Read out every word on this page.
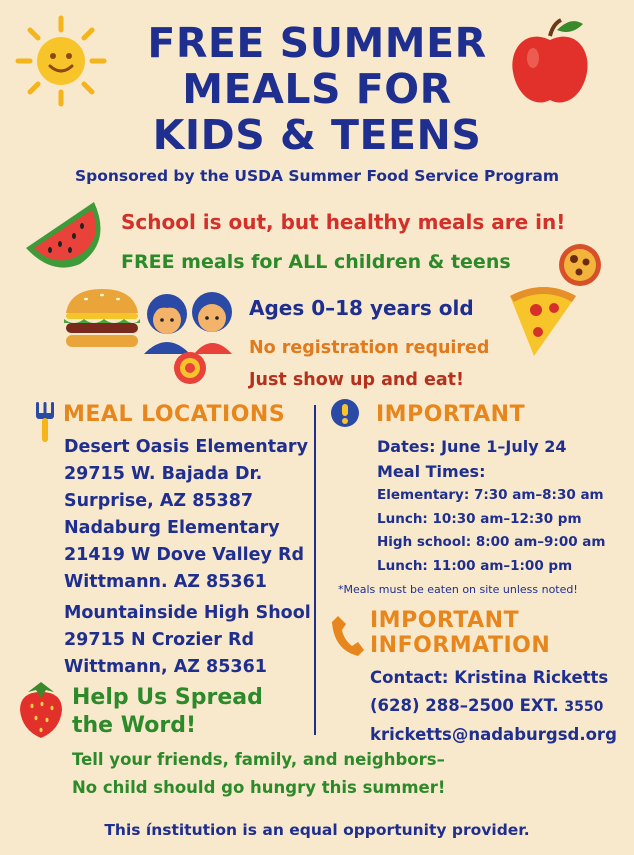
FREE SUMMER
MEALS FOR
KIDS & TEENS
Sponsored by the USDA Summer Food Service Program
School is out, but healthy meals are in!
FREE meals for ALL children & teens
Ages 0–18 years old
No registration required
Just show up and eat!
MEAL LOCATIONS
Desert Oasis Elementary
29715 W. Bajada Dr.
Surprise, AZ 85387
Nadaburg Elementary
21419 W Dove Valley Rd
Wittmann. AZ 85361
Mountainside High Shool
29715 N Crozier Rd
Wittmann, AZ 85361
IMPORTANT
Dates: June 1–July 24
Meal Times:
Elementary: 7:30 am–8:30 am
Lunch: 10:30 am–12:30 pm
High school: 8:00 am–9:00 am
Lunch: 11:00 am–1:00 pm
*Meals must be eaten on site unless noted!
IMPORTANT
INFORMATION
Contact: Kristina Ricketts
(628) 288–2500 EXT. 3550
kricketts@nadaburgsd.org
Help Us Spread
the Word!
Tell your friends, family, and neighbors–
No child should go hungry this summer!
This ínstitution is an equal opportunity provider.
